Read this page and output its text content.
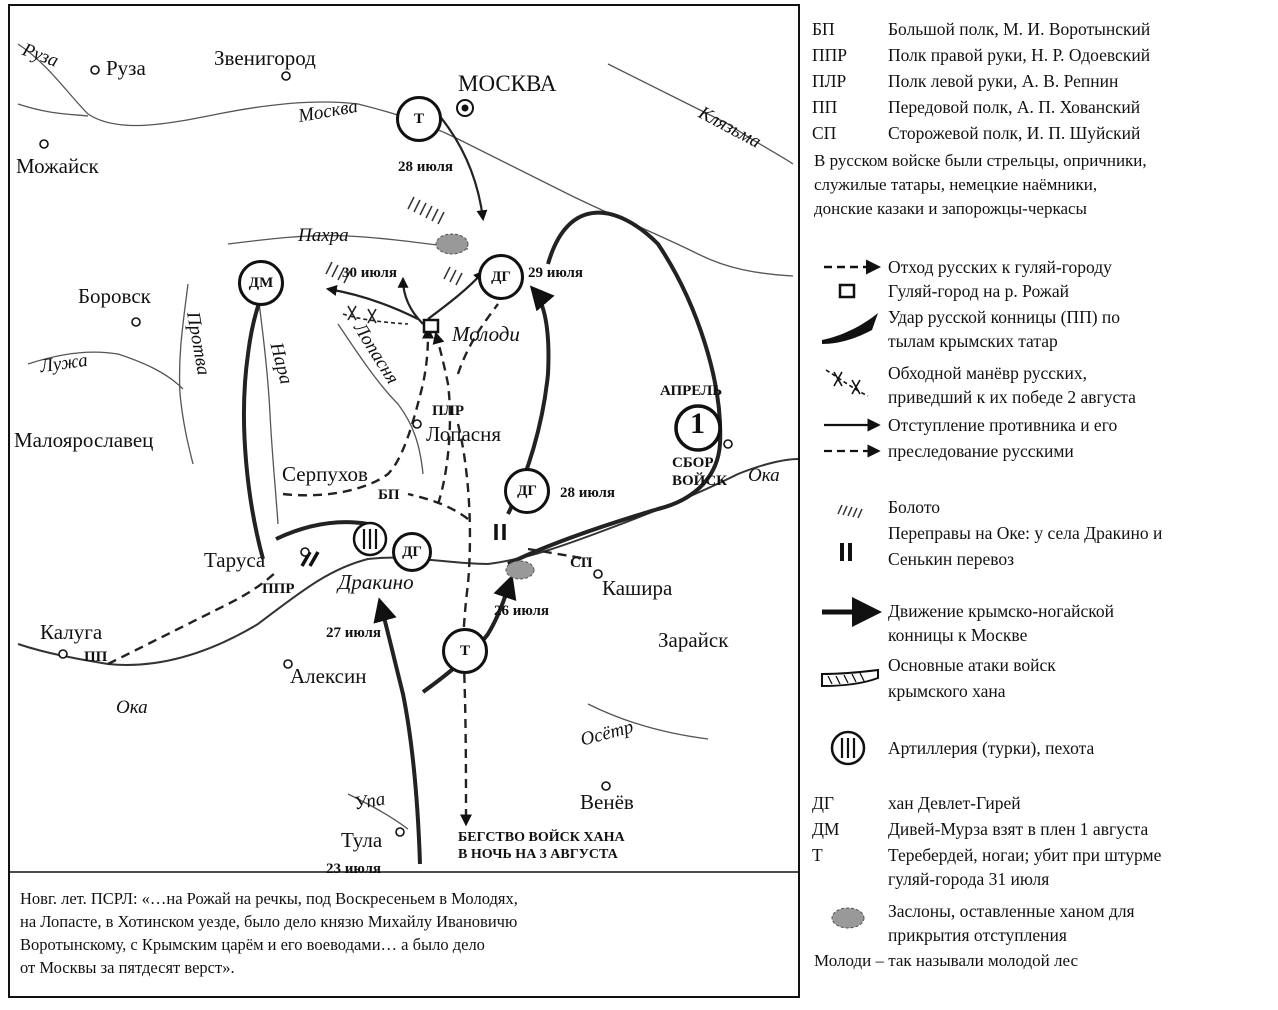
Руза	Звенигород
МОСКВА
Можайск
Боровск
Малоярославец
Серпухов
Лопасня
Таруса
Кашира
Зарайск
Калуга
Алексин
Венёв
Тула
Молоди
Дракино
Руза
Москва	Клязьма
Пахра
Протва
Лужа	Нара	Лопасня
Ока
Ока
Осётр
Упа
28 июля
30 июля	29 июля
28 июля
26 июля
27 июля
23 июля
ПЛР
БП
СП
ППР
ПП
Т
ДМ	ДГ
ДГ
ДГ
Т
1
АПРЕЛЬ
СБОР
ВОЙСК
БЕГСТВО ВОЙСК ХАНА
В НОЧЬ НА 3 АВГУСТА
Новг. лет. ПСРЛ: «…на Рожай на речкы, под Воскресеньем в Молодях,
на Лопасте, в Хотинском уезде, было дело князю Михайлу Ивановичю
Воротынскому, с Крымским царём и его воеводами… а было дело
от Москвы за пятдесят верст».
БП	Большой полк, М. И. Воротынский
ППР	Полк правой руки, Н. Р. Одоевский
ПЛР	Полк левой руки, А. В. Репнин
ПП	Передовой полк, А. П. Хованский
СП	Сторожевой полк, И. П. Шуйский
В русском войске были стрельцы, опричники,
служилые татары, немецкие наёмники,
донские казаки и запорожцы-черкасы
Отход русских к гуляй-городу
Гуляй-город на р. Рожай
Удар русской конницы (ПП) по
тылам крымских татар
Обходной манёвр русских,
приведший к их победе 2 августа
Отступление противника и его
преследование русскими
Болото
Переправы на Оке: у села Дракино и
Сенькин перевоз
Движение крымско-ногайской
конницы к Москве
Основные атаки войск
крымского хана
Артиллерия (турки), пехота
ДГ	хан Девлет-Гирей
ДМ	Дивей-Мурза взят в плен 1 августа
Т	Теребердей, ногаи; убит при штурме
гуляй-города 31 июля
Заслоны, оставленные ханом для
прикрытия отступления
Молоди – так называли молодой лес
